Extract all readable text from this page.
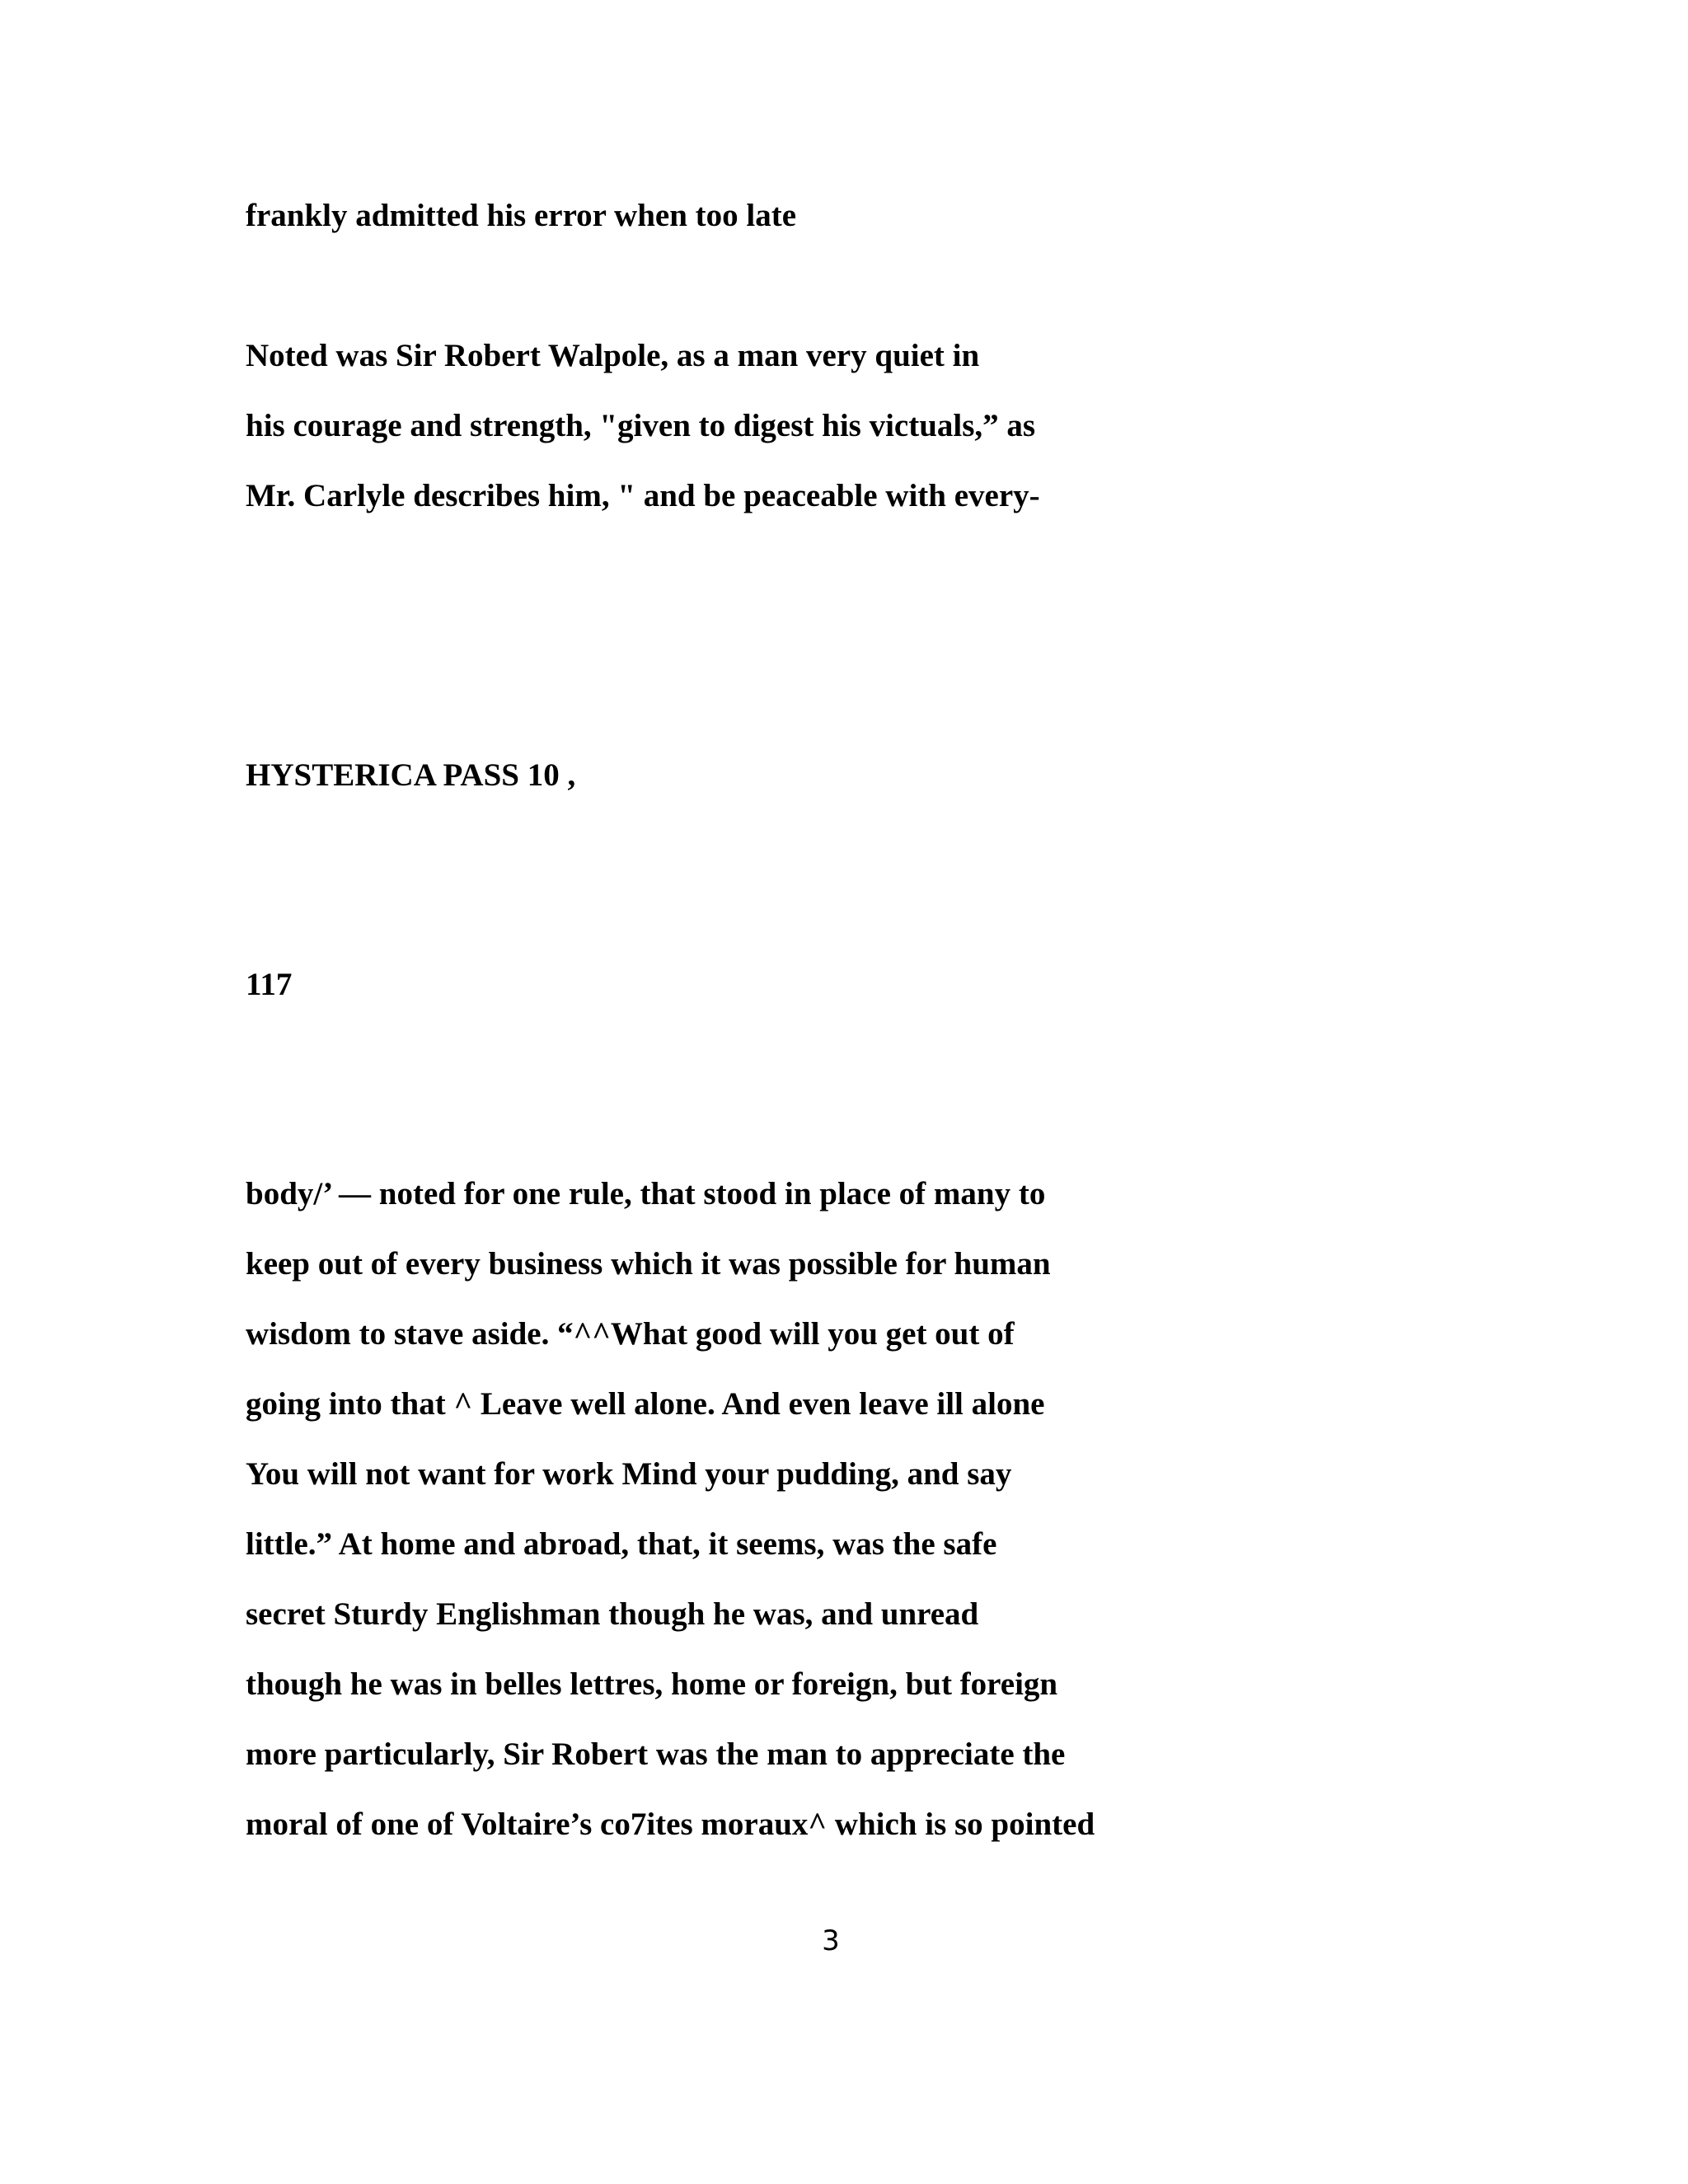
frankly admitted his error when too late
Noted was Sir Robert Walpole, as a man very quiet in
his courage and strength, "given to digest his victuals,” as
Mr. Carlyle describes him, " and be peaceable with every-
HYSTERICA PASS 10 ,
117
body/’ — noted for one rule, that stood in place of many to
keep out of every business which it was possible for human
wisdom to stave aside. “^^What good will you get out of
going into that ^ Leave well alone. And even leave ill alone
You will not want for work Mind your pudding, and say
little.” At home and abroad, that, it seems, was the safe
secret Sturdy Englishman though he was, and unread
though he was in belles lettres, home or foreign, but foreign
more particularly, Sir Robert was the man to appreciate the
moral of one of Voltaire’s co7ites moraux^ which is so pointed
3
